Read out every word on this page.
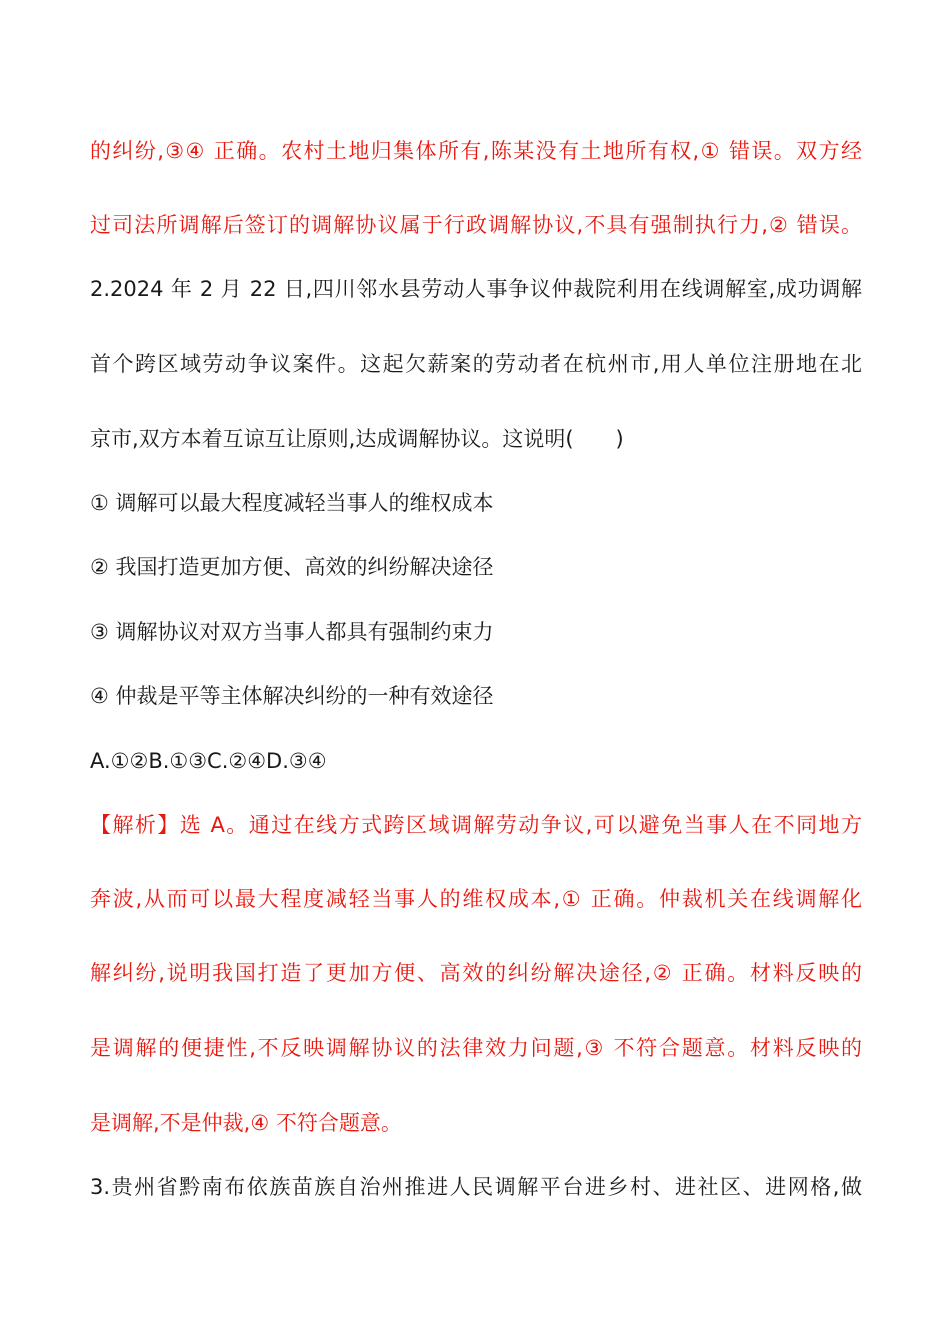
的纠纷,③④ 正确。农村土地归集体所有,陈某没有土地所有权,① 错误。双方经
过司法所调解后签订的调解协议属于行政调解协议,不具有强制执行力,② 错误。
2.2024 年 2 月 22 日,四川邻水县劳动人事争议仲裁院利用在线调解室,成功调解
首个跨区域劳动争议案件。这起欠薪案的劳动者在杭州市,用人单位注册地在北
京市,双方本着互谅互让原则,达成调解协议。这说明(　　)
① 调解可以最大程度减轻当事人的维权成本
② 我国打造更加方便、高效的纠纷解决途径
③ 调解协议对双方当事人都具有强制约束力
④ 仲裁是平等主体解决纠纷的一种有效途径
A.①②B.①③C.②④D.③④
【解析】选 A。通过在线方式跨区域调解劳动争议,可以避免当事人在不同地方
奔波,从而可以最大程度减轻当事人的维权成本,① 正确。仲裁机关在线调解化
解纠纷,说明我国打造了更加方便、高效的纠纷解决途径,② 正确。材料反映的
是调解的便捷性,不反映调解协议的法律效力问题,③ 不符合题意。材料反映的
是调解,不是仲裁,④ 不符合题意。
3.贵州省黔南布依族苗族自治州推进人民调解平台进乡村、进社区、进网格,做
